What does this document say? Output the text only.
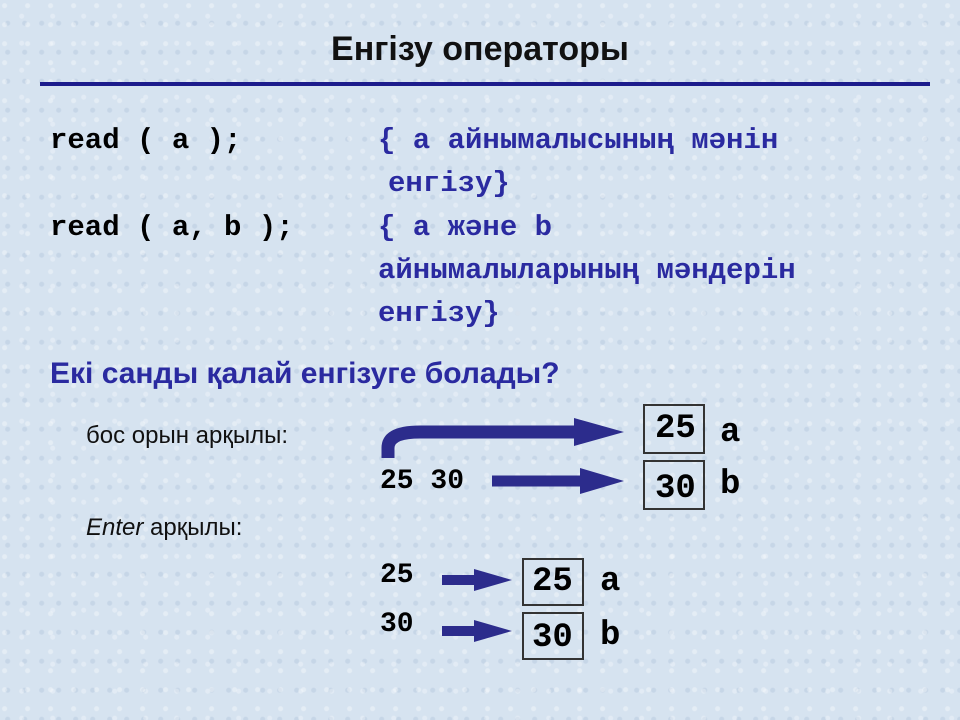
Енгізу операторы
read ( a );	{ a айнымалысының мәнін
енгізу}
read ( a, b );	{ a және b
айнымалыларының мәндерін
енгізу}
Екі санды қалай енгізуге болады?
бос орын арқылы:
25 30
25 a
30 b
Enter арқылы:
25
30
25 a
30 b
